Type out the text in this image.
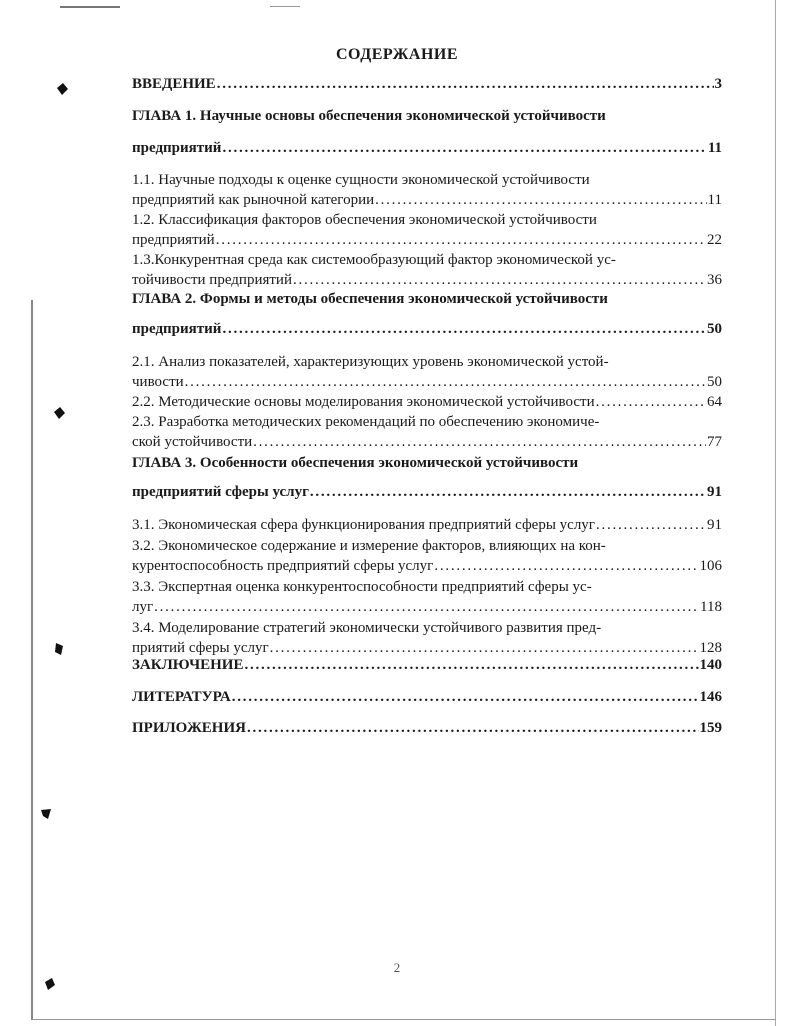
СОДЕРЖАНИЕ
ВВЕДЕНИЕ . . .	3
ГЛАВА 1. Научные основы обеспечения экономической устойчивости
предприятий . . .	11
1.1. Научные подходы к оценке сущности экономической устойчивости
предприятий как рыночной категории . . .	11
1.2. Классификация факторов обеспечения экономической устойчивости
предприятий . . .	22
1.3.Конкурентная среда как системообразующий фактор экономической ус-
тойчивости предприятий . . .	36
ГЛАВА 2. Формы и методы обеспечения экономической устойчивости
предприятий . . .	50
2.1. Анализ показателей, характеризующих уровень экономической устой-
чивости . . .	50
2.2. Методические основы моделирования экономической устойчивости . . .	64
2.3. Разработка методических рекомендаций по обеспечению экономиче-
ской устойчивости . . .	77
ГЛАВА 3. Особенности обеспечения экономической устойчивости
предприятий сферы услуг . . .	91
3.1. Экономическая сфера функционирования предприятий сферы услуг . . .	91
3.2. Экономическое содержание и измерение факторов, влияющих на кон-
курентоспособность предприятий сферы услуг . . .	106
3.3. Экспертная оценка конкурентоспособности предприятий сферы ус-
луг . . .	118
3.4. Моделирование стратегий экономически устойчивого развития пред-
приятий сферы услуг . . .	128
ЗАКЛЮЧЕНИЕ . . .	140
ЛИТЕРАТУРА . . .	146
ПРИЛОЖЕНИЯ . . .	159
2
